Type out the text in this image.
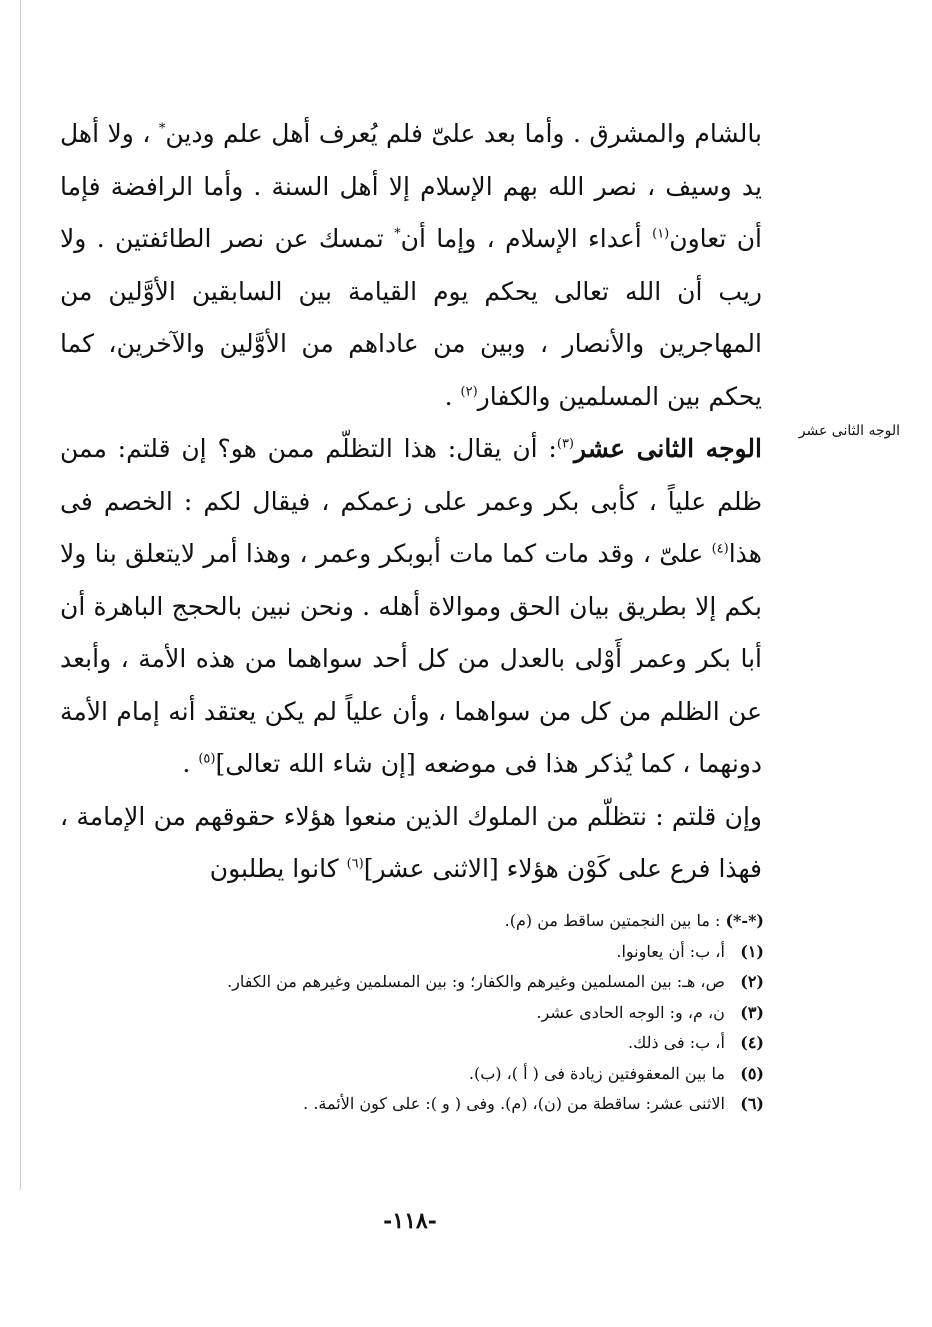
الوجه الثانى عشر

بالشام والمشرق . وأما بعد علىّ فلم يُعرف أهل علم ودين* ، ولا أهل يد وسيف ، نصر الله بهم الإسلام إلا أهل السنة . وأما الرافضة فإما أن تعاون$^{(١)}$ أعداء الإسلام ، وإما أن* تمسك عن نصر الطائفتين . ولا ريب أن الله تعالى يحكم يوم القيامة بين السابقين الأوَّلين من المهاجرين والأنصار ، وبين من عاداهم من الأوَّلين والآخرين، كما يحكم بين المسلمين والكفار$^{(٢)}$ .

الوجه الثانى عشر$^{(٣)}$: أن يقال: هذا التظلّم ممن هو؟ إن قلتم: ممن ظلم علياً ، كأبى بكر وعمر على زعمكم ، فيقال لكم : الخصم فى هذا$^{(٤)}$ علىّ ، وقد مات كما مات أبوبكر وعمر ، وهذا أمر لايتعلق بنا ولا بكم إلا بطريق بيان الحق وموالاة أهله . ونحن نبين بالحجج الباهرة أن أبا بكر وعمر أَوْلى بالعدل من كل أحد سواهما من هذه الأمة ، وأبعد عن الظلم من كل من سواهما ، وأن علياً لم يكن يعتقد أنه إمام الأمة دونهما ، كما يُذكر هذا فى موضعه [إن شاء الله تعالى]$^{(٥)}$ .

وإن قلتم : نتظلّم من الملوك الذين منعوا هؤلاء حقوقهم من الإمامة ، فهذا فرع على كَوْن هؤلاء [الاثنى عشر]$^{(٦)}$ كانوا يطلبون

(*-*) : ما بين النجمتين ساقط من (م).
(١) أ، ب: أن يعاونوا.
(٢) ص، هـ: بين المسلمين وغيرهم والكفار؛ و: بين المسلمين وغيرهم من الكفار.
(٣) ن، م، و: الوجه الحادى عشر.
(٤) أ، ب: فى ذلك.
(٥) ما بين المعقوفتين زيادة فى ( أ )، (ب).
(٦) الاثنى عشر: ساقطة من (ن)، (م). وفى ( و ): على كون الأئمة. .
-١١٨-
